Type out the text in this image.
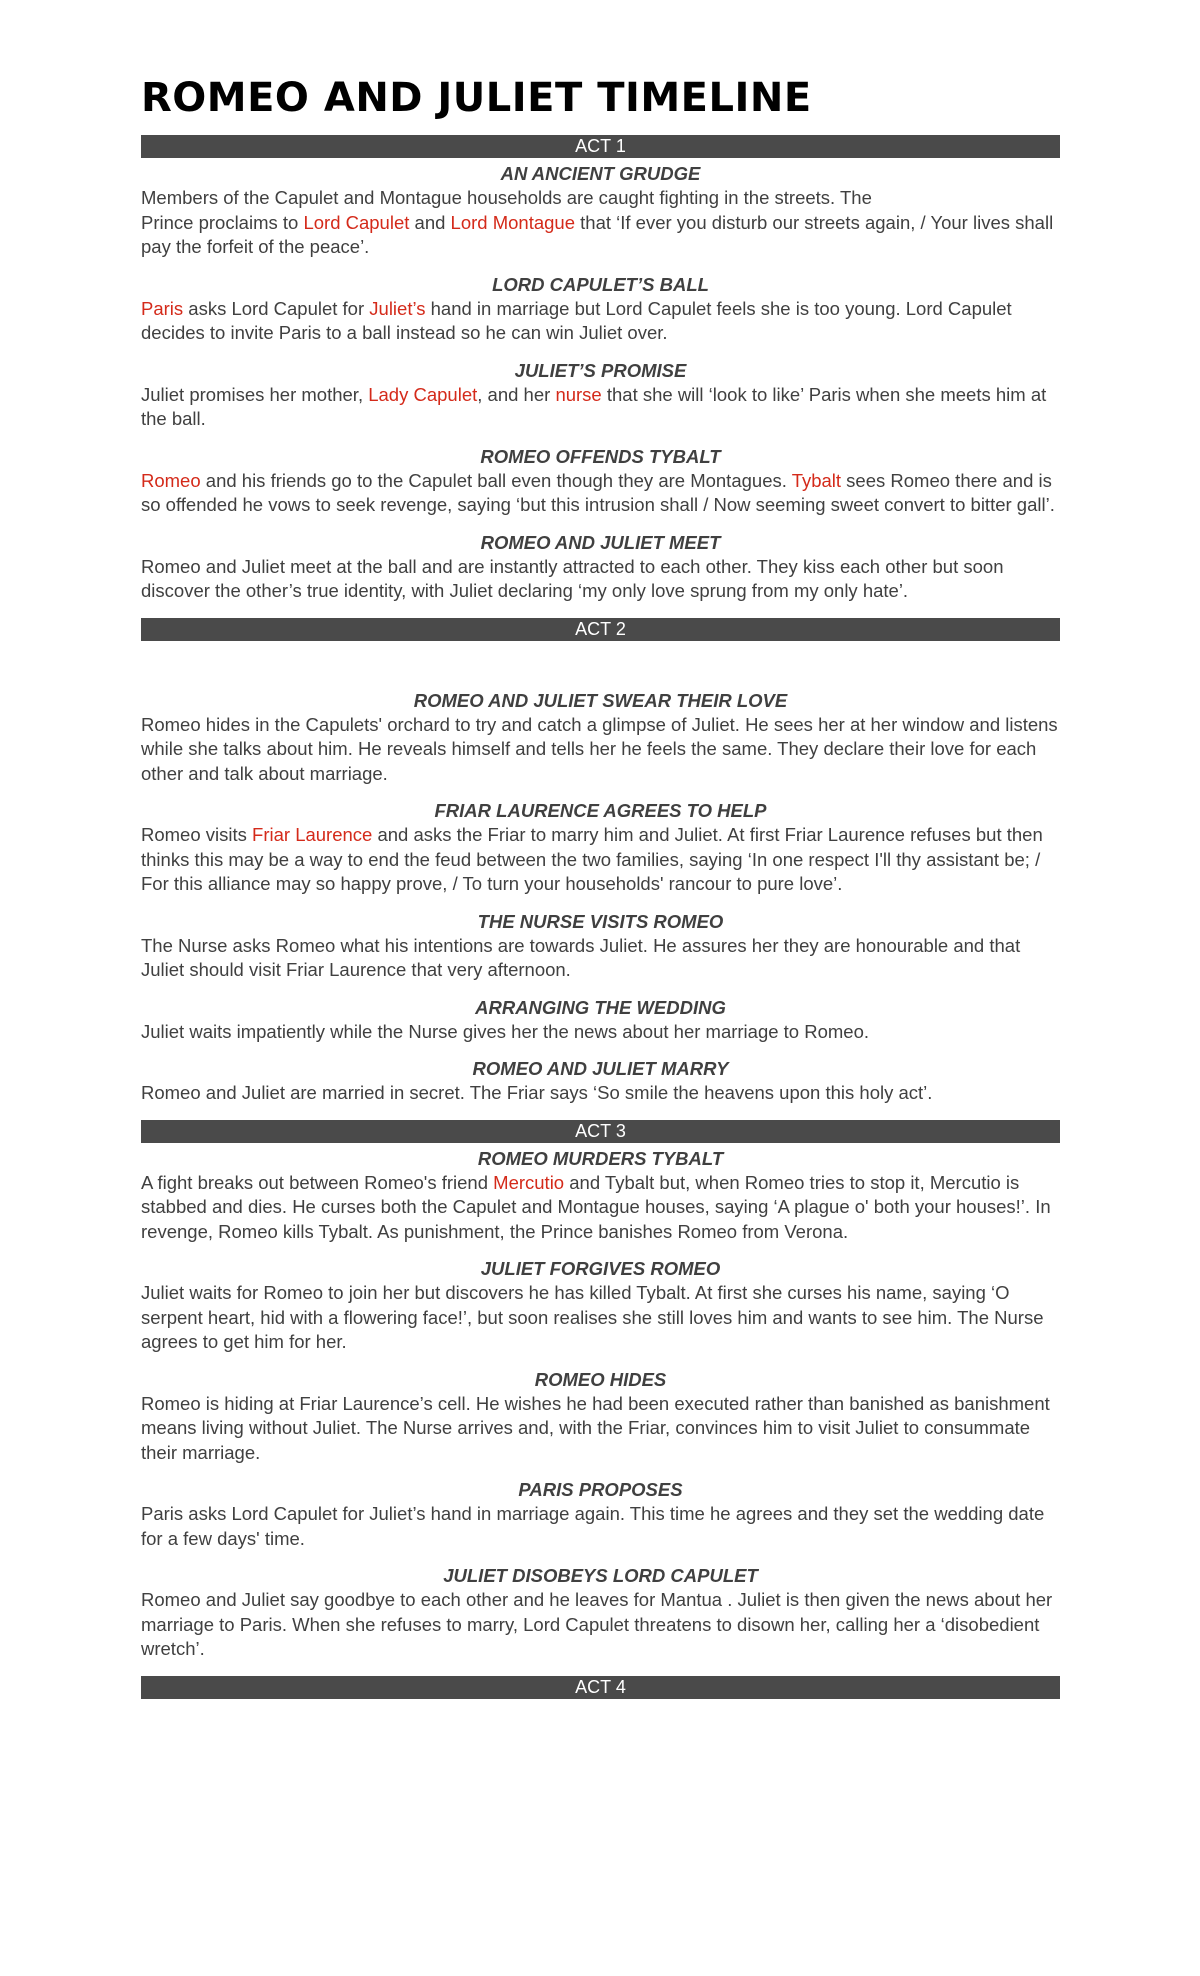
ROMEO AND JULIET TIMELINE
ACT 1
AN ANCIENT GRUDGE

Members of the Capulet and Montague households are caught fighting in the streets. The
Prince proclaims to Lord Capulet and Lord Montague that ‘If ever you disturb our streets again, / Your lives shall pay the forfeit of the peace’.

LORD CAPULET’S BALL

Paris asks Lord Capulet for Juliet’s hand in marriage but Lord Capulet feels she is too young. Lord Capulet decides to invite Paris to a ball instead so he can win Juliet over.

JULIET’S PROMISE

Juliet promises her mother, Lady Capulet, and her nurse that she will ‘look to like’ Paris when she meets him at the ball.

ROMEO OFFENDS TYBALT

Romeo and his friends go to the Capulet ball even though they are Montagues. Tybalt sees Romeo there and is so offended he vows to seek revenge, saying ‘but this intrusion shall / Now seeming sweet convert to bitter gall’.

ROMEO AND JULIET MEET

Romeo and Juliet meet at the ball and are instantly attracted to each other. They kiss each other but soon discover the other’s true identity, with Juliet declaring ‘my only love sprung from my only hate’.

ACT 2
ROMEO AND JULIET SWEAR THEIR LOVE

Romeo hides in the Capulets' orchard to try and catch a glimpse of Juliet. He sees her at her window and listens while she talks about him. He reveals himself and tells her he feels the same. They declare their love for each other and talk about marriage.

FRIAR LAURENCE AGREES TO HELP

Romeo visits Friar Laurence and asks the Friar to marry him and Juliet. At first Friar Laurence refuses but then thinks this may be a way to end the feud between the two families, saying ‘In one respect I'll thy assistant be; / For this alliance may so happy prove, / To turn your households' rancour to pure love’.

THE NURSE VISITS ROMEO

The Nurse asks Romeo what his intentions are towards Juliet. He assures her they are honourable and that Juliet should visit Friar Laurence that very afternoon.

ARRANGING THE WEDDING

Juliet waits impatiently while the Nurse gives her the news about her marriage to Romeo.

ROMEO AND JULIET MARRY

Romeo and Juliet are married in secret. The Friar says ‘So smile the heavens upon this holy act’.

ACT 3
ROMEO MURDERS TYBALT

A fight breaks out between Romeo's friend Mercutio and Tybalt but, when Romeo tries to stop it, Mercutio is stabbed and dies. He curses both the Capulet and Montague houses, saying ‘A plague o' both your houses!’. In revenge, Romeo kills Tybalt. As punishment, the Prince banishes Romeo from Verona.

JULIET FORGIVES ROMEO

Juliet waits for Romeo to join her but discovers he has killed Tybalt. At first she curses his name, saying ‘O serpent heart, hid with a flowering face!’, but soon realises she still loves him and wants to see him. The Nurse agrees to get him for her.

ROMEO HIDES

Romeo is hiding at Friar Laurence’s cell. He wishes he had been executed rather than banished as banishment means living without Juliet. The Nurse arrives and, with the Friar, convinces him to visit Juliet to consummate their marriage.

PARIS PROPOSES

Paris asks Lord Capulet for Juliet’s hand in marriage again. This time he agrees and they set the wedding date for a few days' time.

JULIET DISOBEYS LORD CAPULET

Romeo and Juliet say goodbye to each other and he leaves for Mantua . Juliet is then given the news about her marriage to Paris. When she refuses to marry, Lord Capulet threatens to disown her, calling her a ‘disobedient wretch’.

ACT 4
